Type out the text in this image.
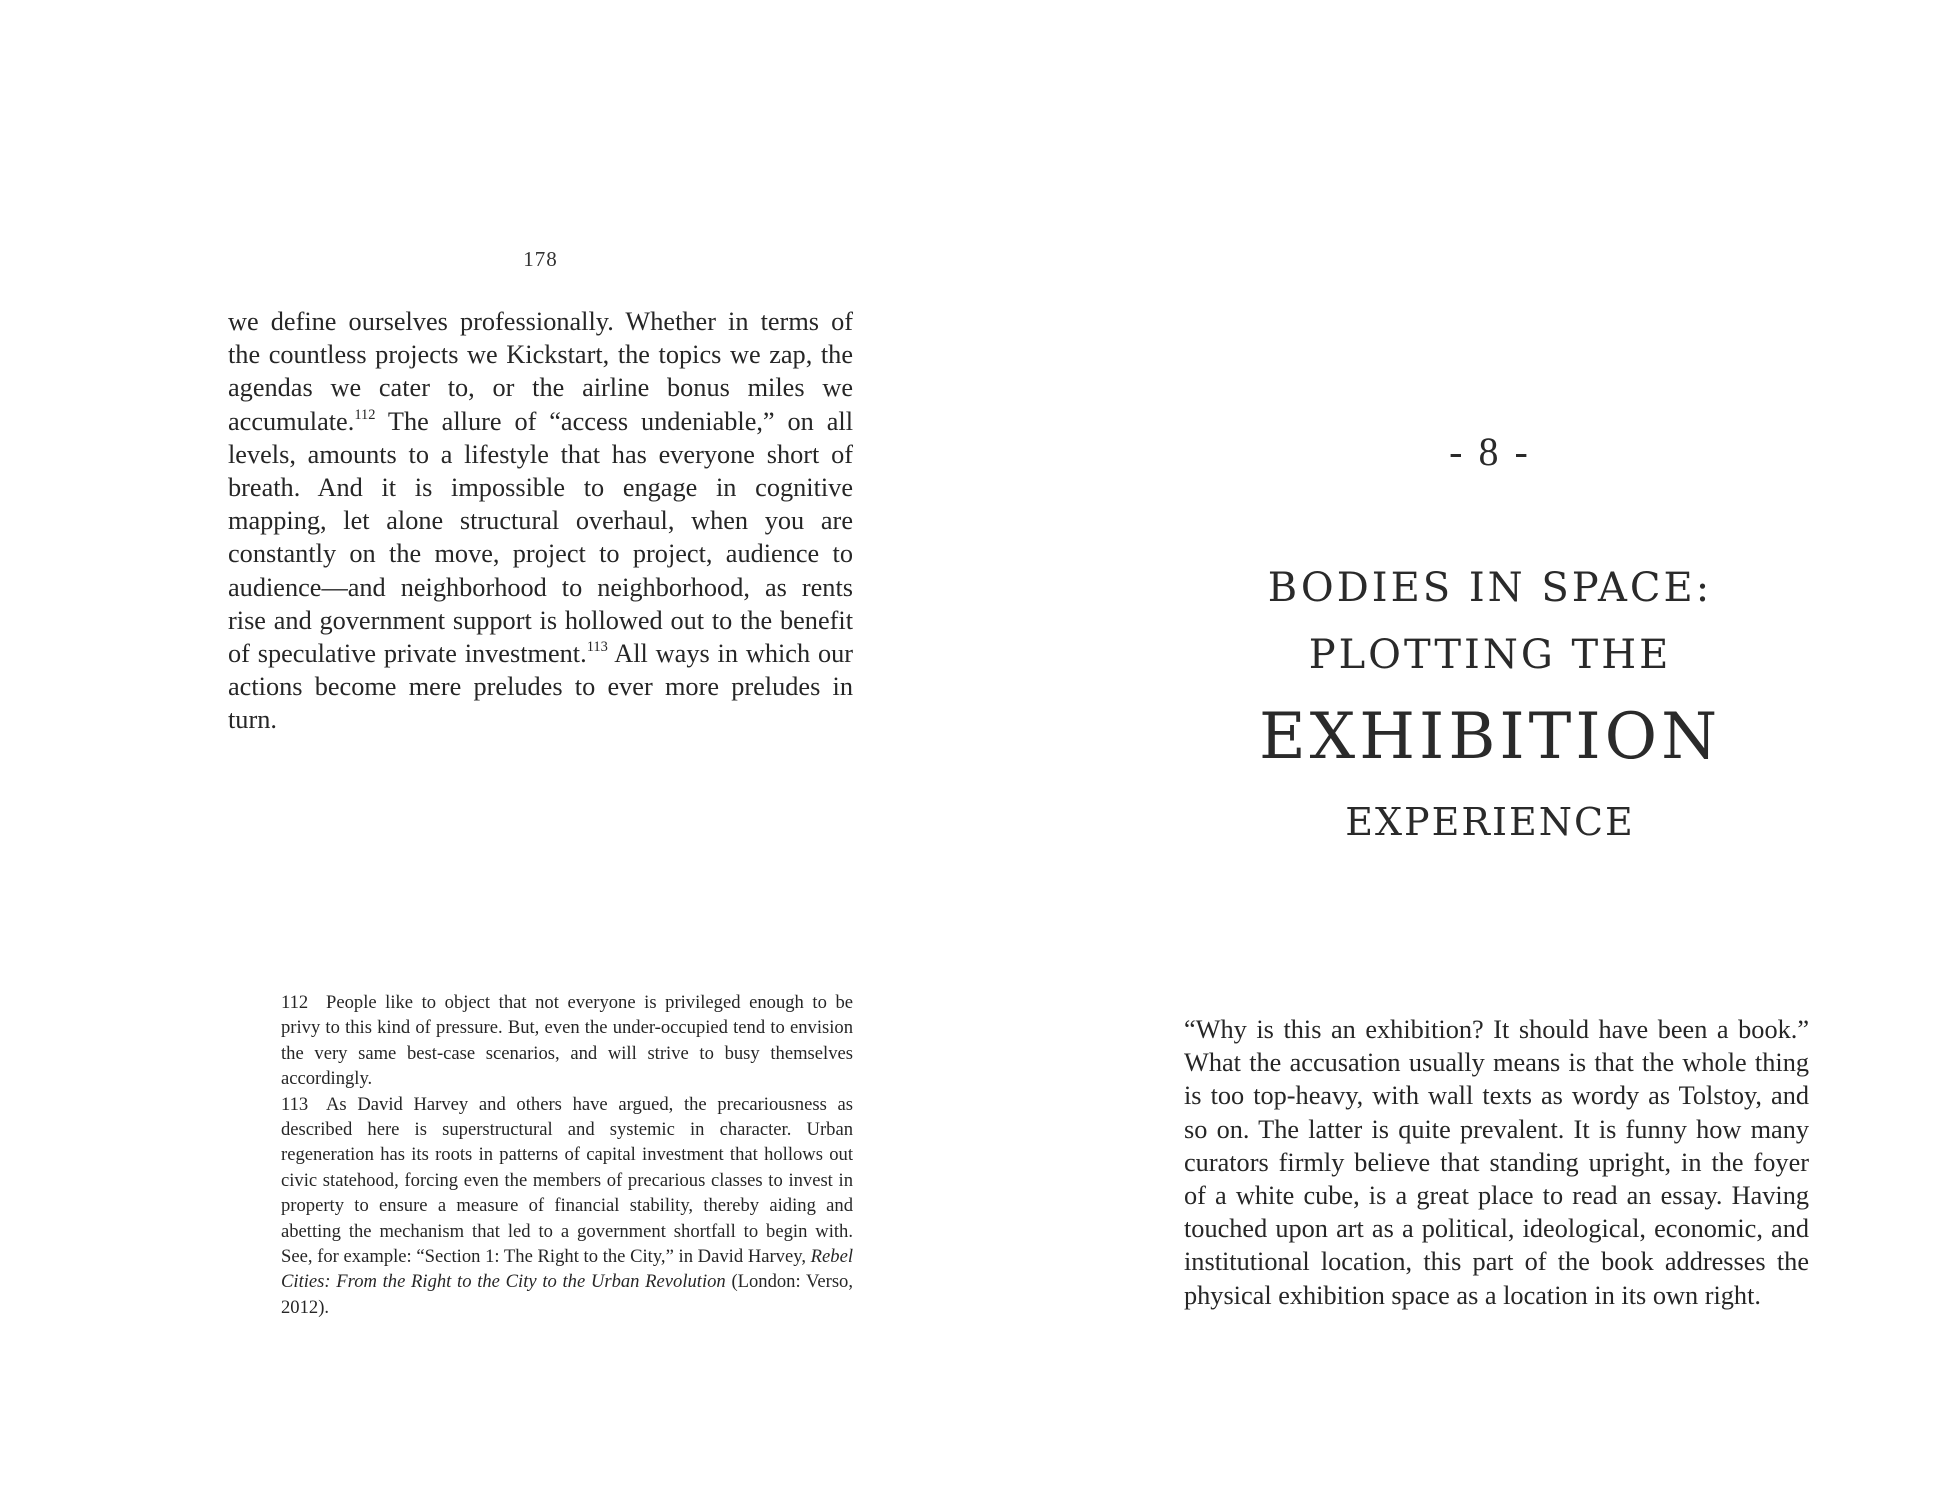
178
we define ourselves professionally. Whether in terms of the countless projects we Kickstart, the topics we zap, the agendas we cater to, or the airline bonus miles we accumulate.$^{112}$ The allure of “access undeniable,” on all levels, amounts to a lifestyle that has everyone short of breath. And it is impossible to engage in cognitive mapping, let alone structural overhaul, when you are constantly on the move, project to project, audience to audience—and neighborhood to neighborhood, as rents rise and government support is hollowed out to the benefit of speculative private investment.$^{113}$ All ways in which our actions become mere preludes to ever more preludes in turn.

112 People like to object that not everyone is privileged enough to be privy to this kind of pressure. But, even the under-occupied tend to envision the very same best-case scenarios, and will strive to busy themselves accordingly.

113 As David Harvey and others have argued, the precariousness as described here is superstructural and systemic in character. Urban regeneration has its roots in patterns of capital investment that hollows out civic statehood, forcing even the members of precarious classes to invest in property to ensure a measure of financial stability, thereby aiding and abetting the mechanism that led to a government shortfall to begin with. See, for example: “Section 1: The Right to the City,” in David Harvey, Rebel Cities: From the Right to the City to the Urban Revolution (London: Verso, 2012).

- 8 -
BODIES IN SPACE:
PLOTTING THE
EXHIBITION
EXPERIENCE
“Why is this an exhibition? It should have been a book.” What the accusation usually means is that the whole thing is too top-heavy, with wall texts as wordy as Tolstoy, and so on. The latter is quite prevalent. It is funny how many curators firmly believe that standing upright, in the foyer of a white cube, is a great place to read an essay. Having touched upon art as a political, ideological, economic, and institutional location, this part of the book addresses the physical exhibition space as a location in its own right.
